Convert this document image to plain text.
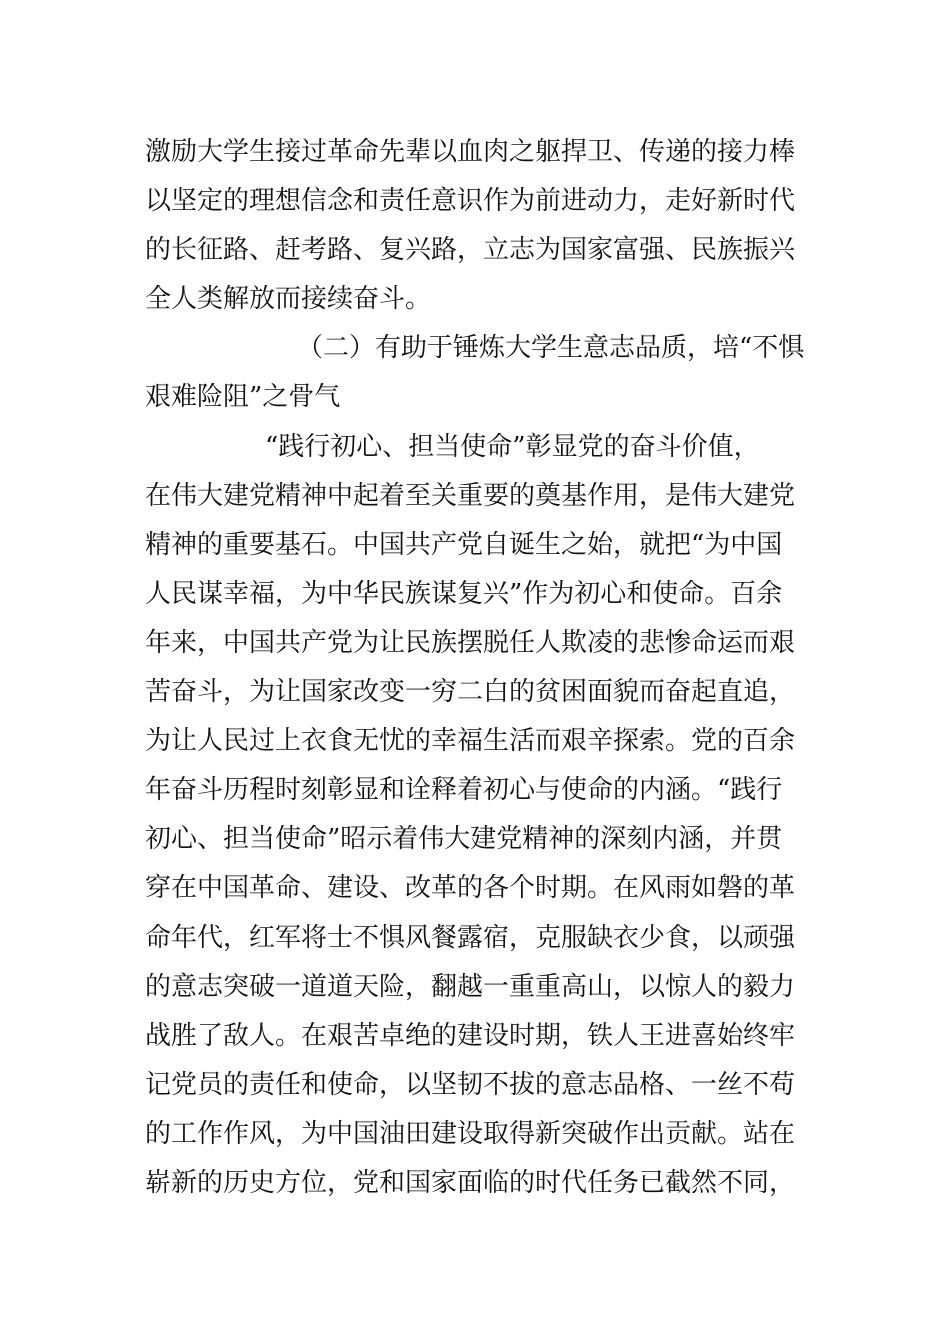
激励大学生接过革命先辈以血肉之躯捍卫、传递的接力棒
以坚定的理想信念和责任意识作为前进动力，走好新时代
的长征路、赶考路、复兴路，立志为国家富强、民族振兴
全人类解放而接续奋斗。
（二）有助于锤炼大学生意志品质，培“不惧
艰难险阻”之骨气
“践行初心、担当使命”彰显党的奋斗价值，
在伟大建党精神中起着至关重要的奠基作用，是伟大建党
精神的重要基石。中国共产党自诞生之始，就把“为中国
人民谋幸福，为中华民族谋复兴”作为初心和使命。百余
年来，中国共产党为让民族摆脱任人欺凌的悲惨命运而艰
苦奋斗，为让国家改变一穷二白的贫困面貌而奋起直追，
为让人民过上衣食无忧的幸福生活而艰辛探索。党的百余
年奋斗历程时刻彰显和诠释着初心与使命的内涵。“践行
初心、担当使命”昭示着伟大建党精神的深刻内涵，并贯
穿在中国革命、建设、改革的各个时期。在风雨如磐的革
命年代，红军将士不惧风餐露宿，克服缺衣少食，以顽强
的意志突破一道道天险，翻越一重重高山，以惊人的毅力
战胜了敌人。在艰苦卓绝的建设时期，铁人王进喜始终牢
记党员的责任和使命，以坚韧不拔的意志品格、一丝不苟
的工作作风，为中国油田建设取得新突破作出贡献。站在
崭新的历史方位，党和国家面临的时代任务已截然不同，
